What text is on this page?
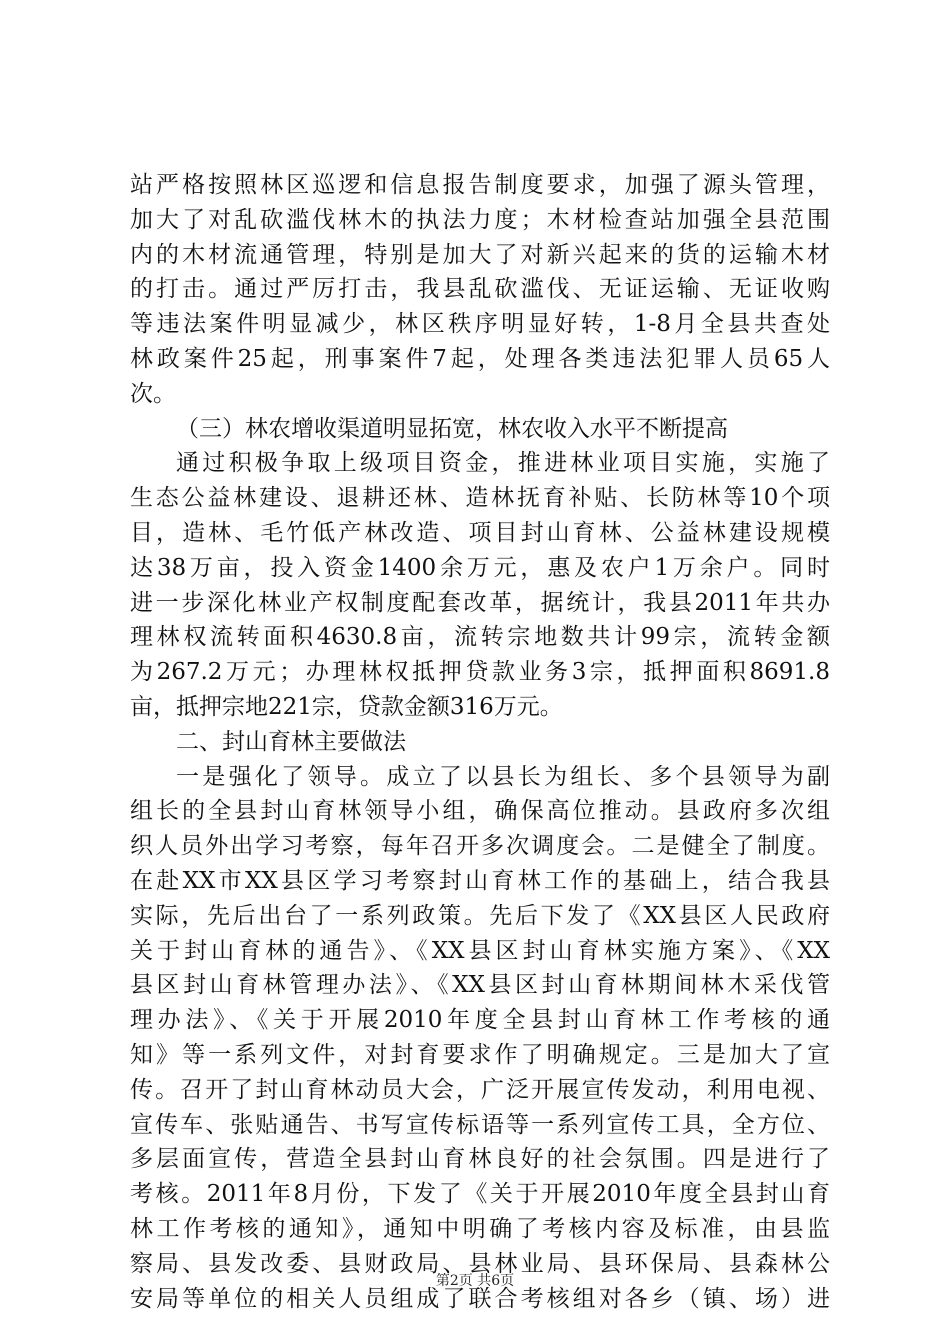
站严格按照林区巡逻和信息报告制度要求，加强了源头管理，
加大了对乱砍滥伐林木的执法力度；木材检查站加强全县范围
内的木材流通管理，特别是加大了对新兴起来的货的运输木材
的打击。通过严厉打击，我县乱砍滥伐、无证运输、无证收购
等违法案件明显减少，林区秩序明显好转，1-8月全县共查处
林政案件25起，刑事案件7起，处理各类违法犯罪人员65人
次。
（三）林农增收渠道明显拓宽，林农收入水平不断提高
通过积极争取上级项目资金，推进林业项目实施，实施了
生态公益林建设、退耕还林、造林抚育补贴、长防林等10个项
目，造林、毛竹低产林改造、项目封山育林、公益林建设规模
达38万亩，投入资金1400余万元，惠及农户1万余户。同时
进一步深化林业产权制度配套改革，据统计，我县2011年共办
理林权流转面积4630.8亩，流转宗地数共计99宗，流转金额
为267.2万元；办理林权抵押贷款业务3宗，抵押面积8691.8
亩，抵押宗地221宗，贷款金额316万元。
二、封山育林主要做法
一是强化了领导。成立了以县长为组长、多个县领导为副
组长的全县封山育林领导小组，确保高位推动。县政府多次组
织人员外出学习考察，每年召开多次调度会。二是健全了制度。
在赴XX市XX县区学习考察封山育林工作的基础上，结合我县
实际，先后出台了一系列政策。先后下发了《XX县区人民政府
关于封山育林的通告》、《XX县区封山育林实施方案》、《XX
县区封山育林管理办法》、《XX县区封山育林期间林木采伐管
理办法》、《关于开展2010年度全县封山育林工作考核的通
知》等一系列文件，对封育要求作了明确规定。三是加大了宣
传。召开了封山育林动员大会，广泛开展宣传发动，利用电视、
宣传车、张贴通告、书写宣传标语等一系列宣传工具，全方位、
多层面宣传，营造全县封山育林良好的社会氛围。四是进行了
考核。2011年8月份，下发了《关于开展2010年度全县封山育
林工作考核的通知》，通知中明确了考核内容及标准，由县监
察局、县发改委、县财政局、县林业局、县环保局、县森林公
安局等单位的相关人员组成了联合考核组对各乡（镇、场）进
第2页 共6页
